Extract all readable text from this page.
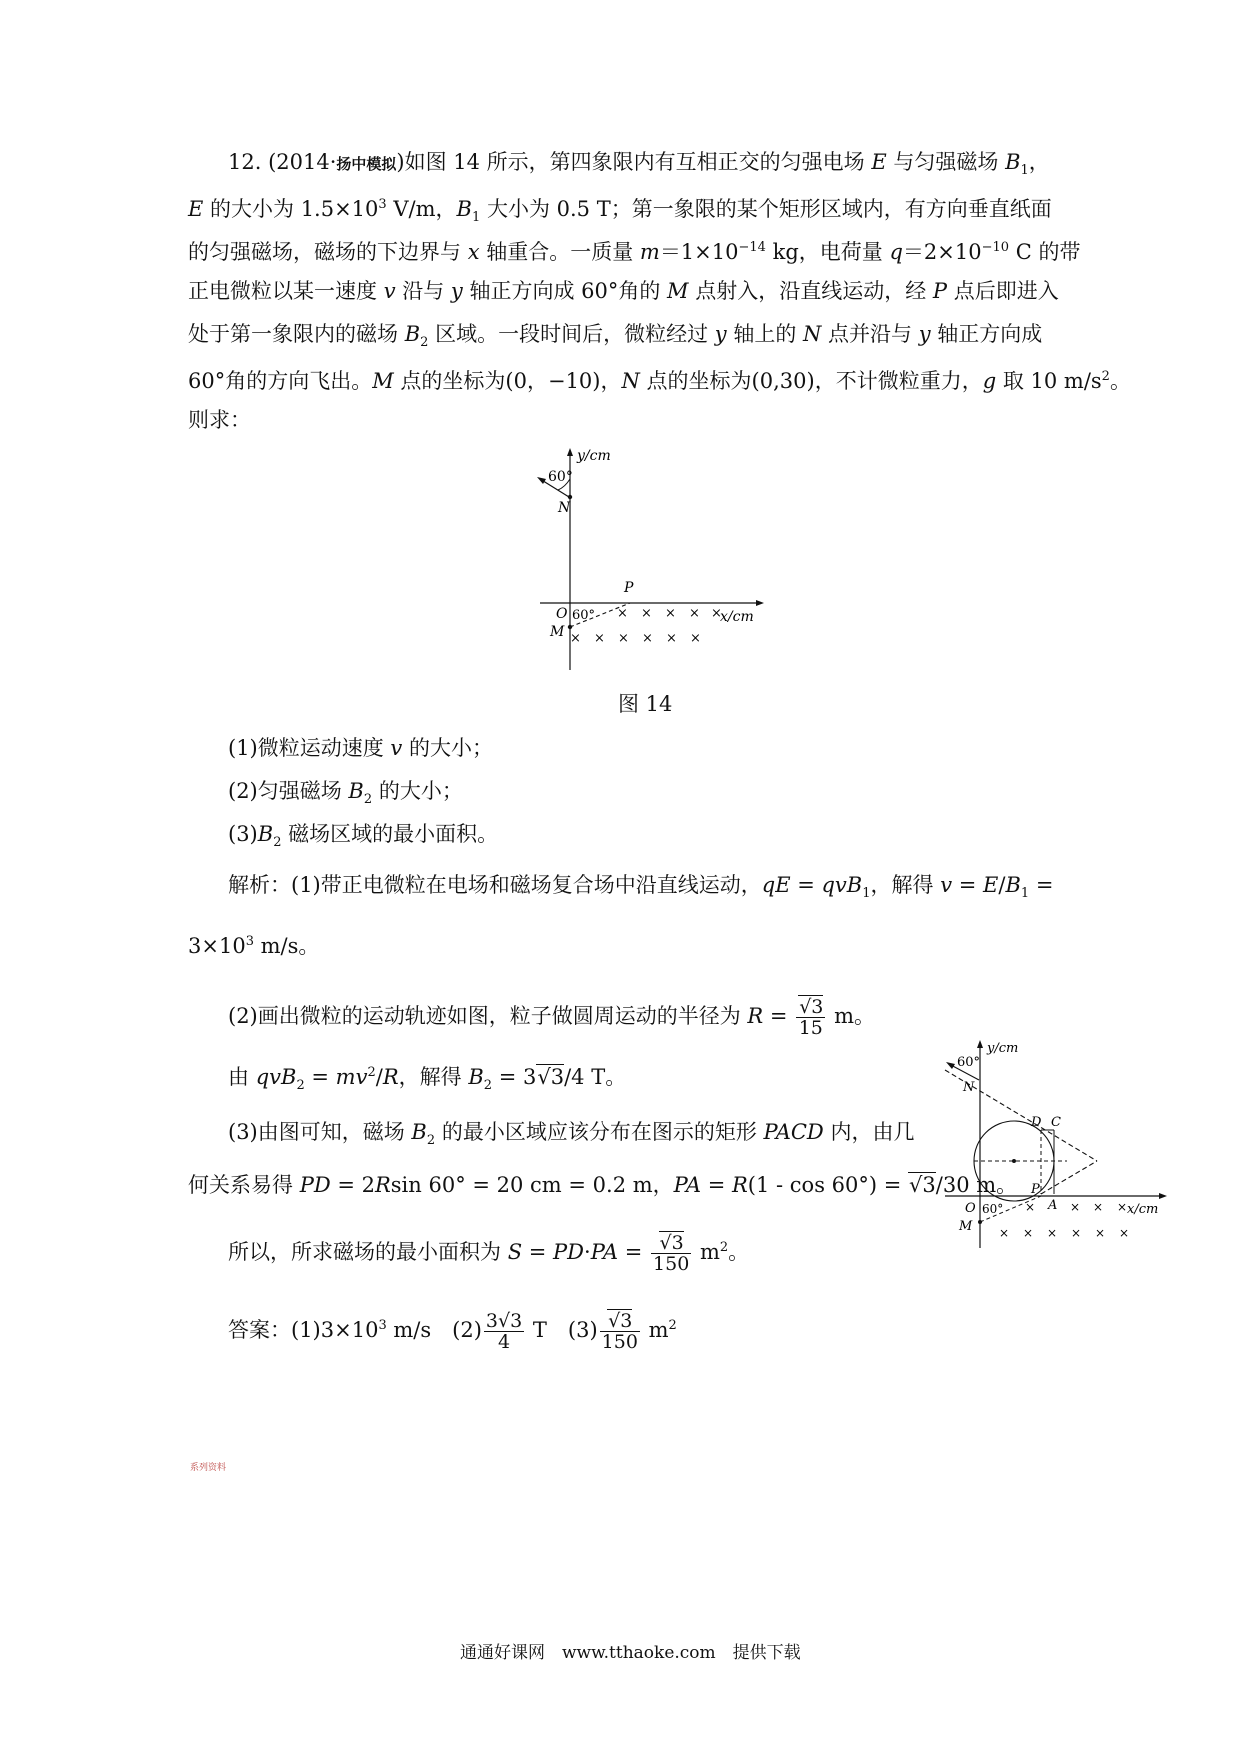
12. (2014·扬中模拟)如图 14 所示，第四象限内有互相正交的匀强电场 E 与匀强磁场 $B_1$，
E 的大小为 $1.5\times 10^3$ V/m，$B_1$ 大小为 0.5 T；第一象限的某个矩形区域内，有方向垂直纸面
的匀强磁场，磁场的下边界与 x 轴重合。一质量 $m=1\times 10^{-14}$ kg，电荷量 $q=2\times 10^{-10}$ C 的带
正电微粒以某一速度 v 沿与 y 轴正方向成 60°角的 M 点射入，沿直线运动，经 P 点后即进入
处于第一象限内的磁场 $B_2$ 区域。一段时间后，微粒经过 y 轴上的 N 点并沿与 y 轴正方向成
60°角的方向飞出。M 点的坐标为(0，−10)，N 点的坐标为(0,30)，不计微粒重力，g 取 10 $m/s^2$。
则求：
y/cm
x/cm
60°
N
M
P
O 60° × × × × ×
× × × × × ×
图 14
(1)微粒运动速度 v 的大小；
(2)匀强磁场 $B_2$ 的大小；
$(3)B_2$ 磁场区域的最小面积。
解析：(1)带正电微粒在电场和磁场复合场中沿直线运动，qE = qvB$_1$，解得 $v = E/B_1$ =
$3\times 10^3$ m/s。
(2)画出微粒的运动轨迹如图，粒子做圆周运动的半径为 $R = \frac{√3}{15}$ m。
由 $qvB_2 = mv^2/R$，解得 $B_2 = 3√3/4$ T。
(3)由图可知，磁场 $B_2$ 的最小区域应该分布在图示的矩形 PACD 内，由几
何关系易得 PD = 2Rsin 60° = 20 cm = 0.2 m，PA = R(1 - cos 60°) = √3/30 m。
所以，所求磁场的最小面积为 $S = PD\cdot PA = \frac{√3}{150} m^2$。
答案：$(1)3\times 10^3$ m/s　$(2) \frac{3√3}{4}$ T　$(3) \frac{√3}{150} m^2$
y/cm
x/cm
60°
N
D C
P
A
O
M
60° ×	× × ×
× × × × × ×
系列资料
通通好课网　www.tthaoke.com　提供下载
